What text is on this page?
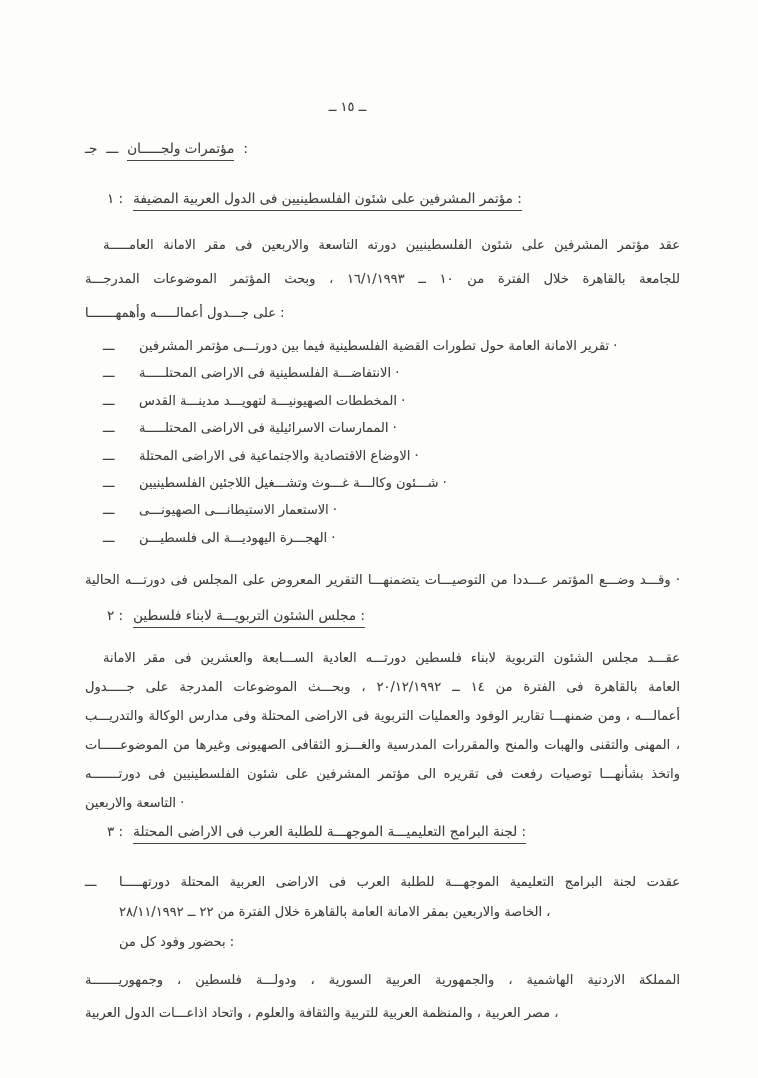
ــ ١٥ ــ
جـ ـــ مؤتمرات ولجـــــان :
١ : مؤتمر المشرفين على شئون الفلسطينيين فى الدول العربية المضيفة :
عقد مؤتمر المشرفين على شئون الفلسطينيين دورته التاسعة والاربعين فى مقر الامانة العامـــــة
للجامعة بالقاهرة خلال الفترة من ١٠ ــ ١٦/١/١٩٩٣ ، وبحث المؤتمر الموضوعات المدرجـــة
على جـــدول أعمالـــــه وأهمهـــــــا :
ـــ	تقرير الامانة العامة حول تطورات القضية الفلسطينية فيما بين دورتـــى مؤتمر المشرفين ·
ـــ	الانتفاضـــة الفلسطينية فى الاراضى المحتلـــــة ·
ـــ	المخططات الصهيونيـــة لتهويـــد مدينـــة القدس ·
ـــ	الممارسات الاسرائيلية فى الاراضى المحتلـــــة ·
ـــ	الاوضاع الاقتصادية والاجتماعية فى الاراضى المحتلة ·
ـــ	شـــئون وكالـــة غـــوث وتشـــغيل اللاجئين الفلسطينيين ·
ـــ	الاستعمار الاستيطانـــى الصهيونـــى ·
ـــ	الهجـــرة اليهوديـــة الى فلسطيـــن ·
وقـــد وضـــع المؤتمر عـــددا من التوصيـــات يتضمنهـــا التقرير المعروض على المجلس فى دورتـــه الحالية ·
٢ : مجلس الشئون التربويـــة لابناء فلسطين :
عقـــد مجلس الشئون التربوية لابناء فلسطين دورتـــه العادية الســـابعة والعشرين فى مقر الامانة
العامة بالقاهرة فى الفترة من ١٤ ــ ٢٠/١٢/١٩٩٢ ، وبحـــث الموضوعات المدرجة على جـــــدول
أعمالـــه ، ومن ضمنهـــا تقارير الوفود والعمليات التربوية فى الاراضى المحتلة وفى مدارس الوكالة والتدريـــب
المهنى والتقنى والهبات والمنح والمقررات المدرسية والغـــزو الثقافى الصهيونى وغيرها من الموضوعـــــات ،
واتخذ بشأنهـــا توصيات رفعت فى تقريره الى مؤتمر المشرفين على شئون الفلسطينيين فى دورتـــــــه
التاسعة والاربعين ·
٣ : لجنة البرامج التعليميـــة الموجهـــة للطلبة العرب فى الاراضى المحتلة :
ـــ	عقدت لجنة البرامج التعليمية الموجهـــة للطلبة العرب فى الاراضى العربية المحتلة دورتهـــــا
الخاصة والاربعين بمقر الامانة العامة بالقاهرة خلال الفترة من ٢٢ ــ ٢٨/١١/١٩٩٢ ،
بحضور وفود كل من :
المملكة الاردنية الهاشمية ، والجمهورية العربية السورية ، ودولـــة فلسطين ، وجمهوريـــــــة
مصر العربية ، والمنظمة العربية للتربية والثقافة والعلوم ، واتحاد اذاعـــات الدول العربية ،
